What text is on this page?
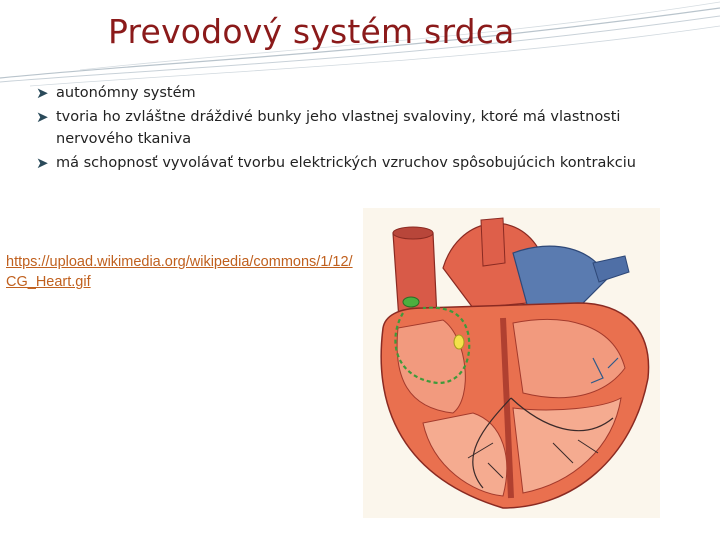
Prevodový systém srdca
➤ autonómny systém
➤ tvoria ho zvláštne dráždivé bunky jeho vlastnej svaloviny, ktoré má vlastnosti nervového tkaniva
➤ má schopnosť vyvolávať tvorbu elektrických vzruchov spôsobujúcich kontrakciu
https://upload.wikimedia.org/wikipedia/commons/1/12/CG_Heart.gif
